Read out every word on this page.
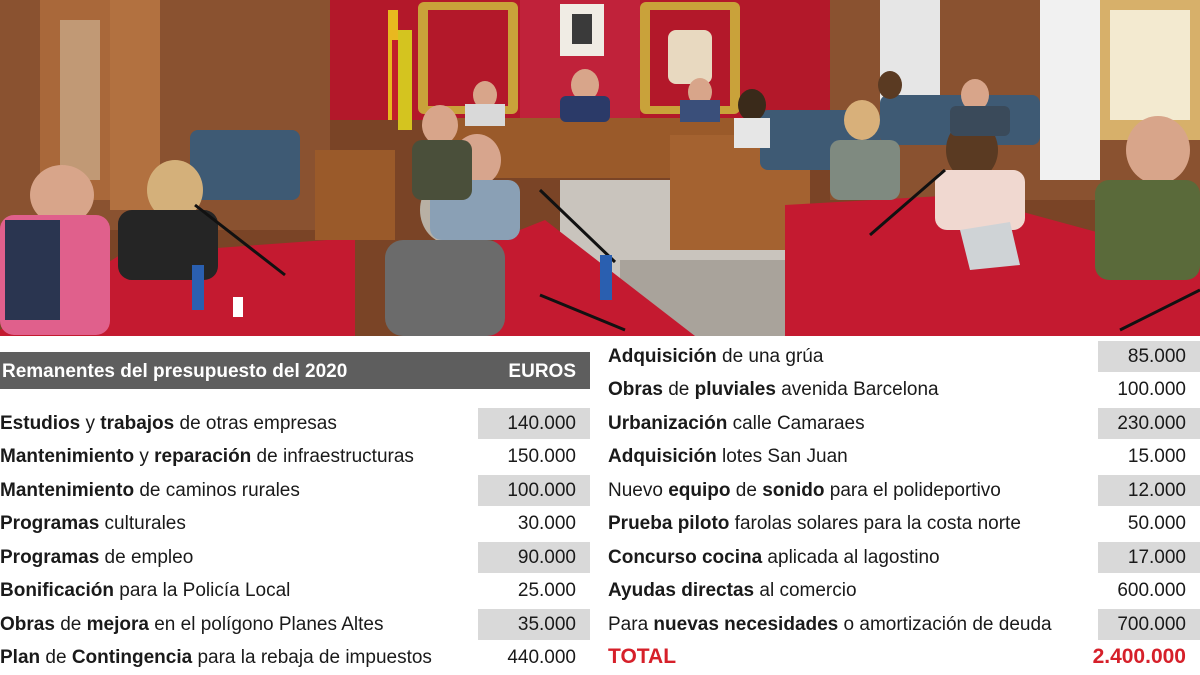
Remanentes del presupuesto del 2020	EUROS
Estudios y trabajos de otras empresas	140.000
Mantenimiento y reparación de infraestructuras	150.000
Mantenimiento de caminos rurales	100.000
Programas culturales	30.000
Programas de empleo	90.000
Bonificación para la Policía Local	25.000
Obras de mejora en el polígono Planes Altes	35.000
Plan de Contingencia para la rebaja de impuestos	440.000
Adquisición de una grúa	85.000
Obras de pluviales avenida Barcelona	100.000
Urbanización calle Camaraes	230.000
Adquisición lotes San Juan	15.000
Nuevo equipo de sonido para el polideportivo	12.000
Prueba piloto farolas solares para la costa norte	50.000
Concurso cocina aplicada al lagostino	17.000
Ayudas directas al comercio	600.000
Para nuevas necesidades o amortización de deuda	700.000
TOTAL	2.400.000
